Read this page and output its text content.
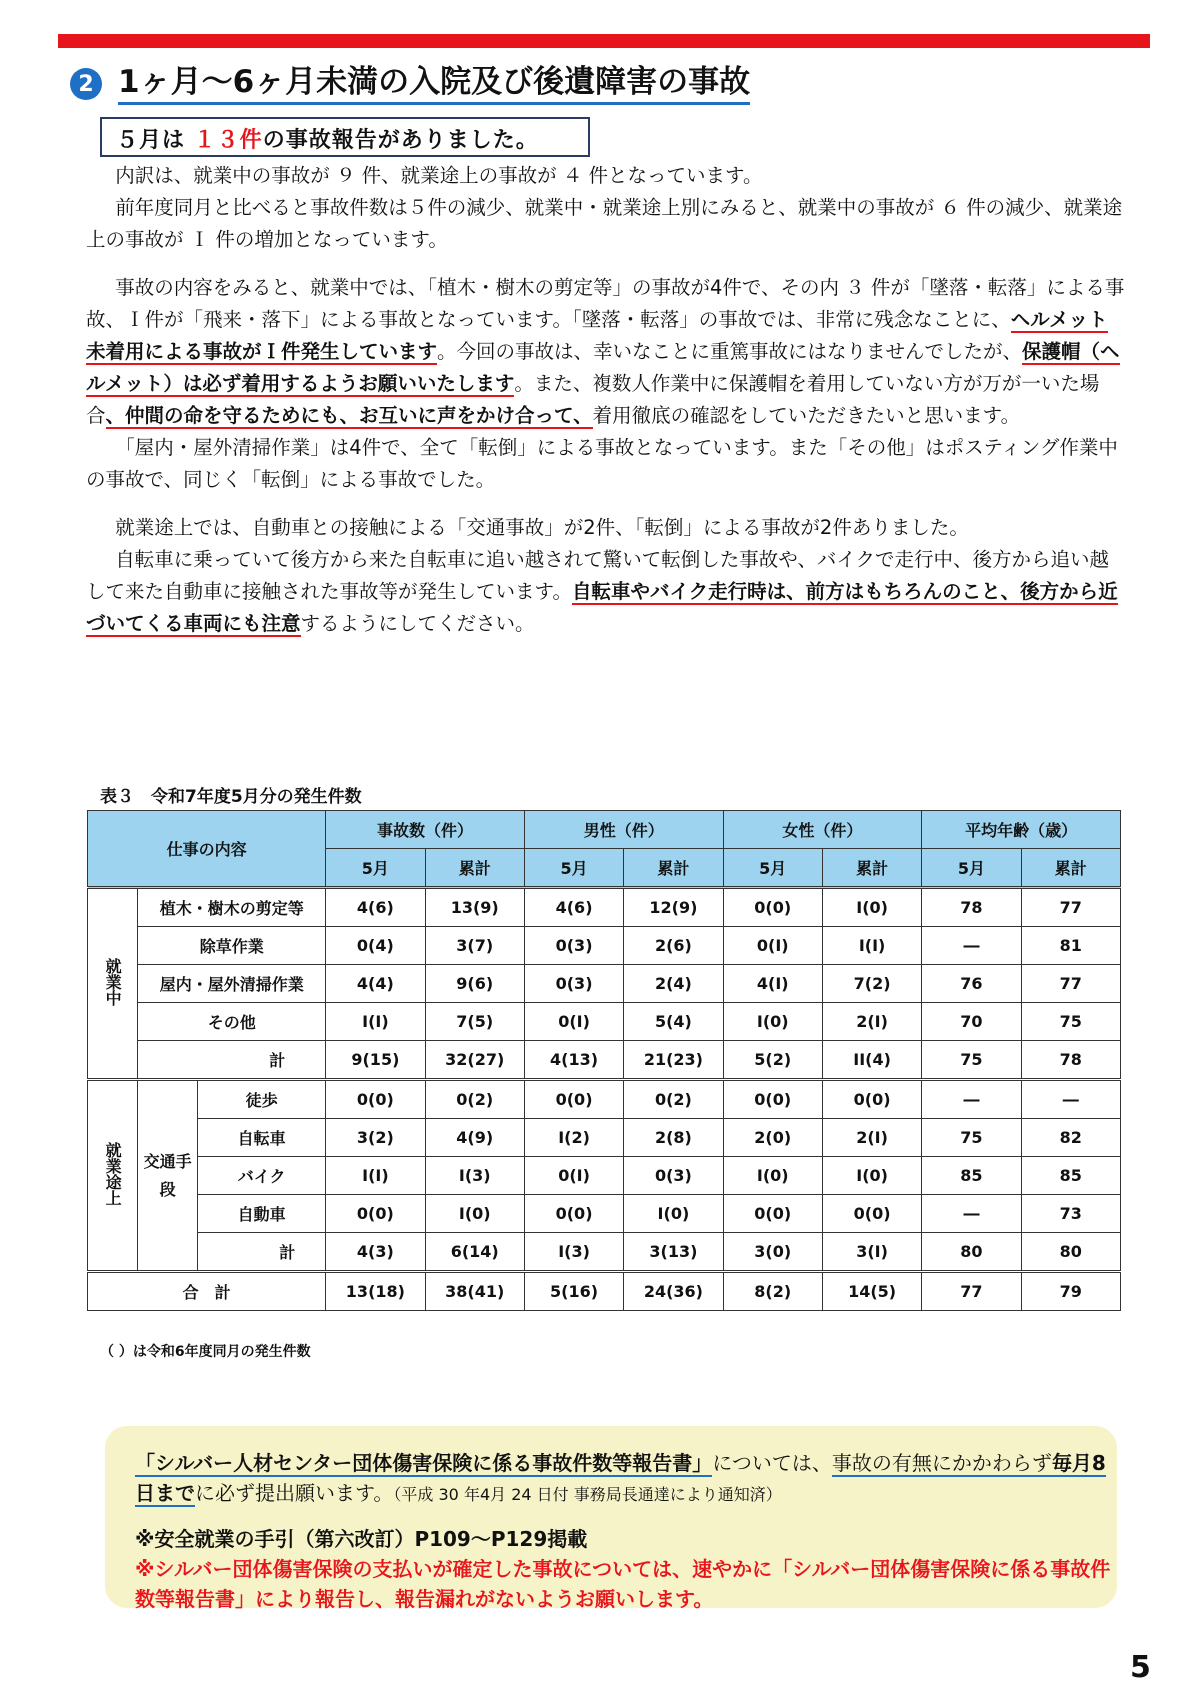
2 1ヶ月～6ヶ月未満の入院及び後遺障害の事故
５月は １３件の事故報告がありました。

内訳は、就業中の事故が ９ 件、就業途上の事故が ４ 件となっています。

前年度同月と比べると事故件数は５件の減少、就業中・就業途上別にみると、就業中の事故が ６ 件の減少、就業途上の事故が Ｉ 件の増加となっています。

事故の内容をみると、就業中では、「植木・樹木の剪定等」の事故が4件で、その内 ３ 件が「墜落・転落」による事故、Ｉ件が「飛来・落下」による事故となっています。「墜落・転落」の事故では、非常に残念なことに、ヘルメット未着用による事故がＩ件発生しています。今回の事故は、幸いなことに重篤事故にはなりませんでしたが、保護帽（ヘルメット）は必ず着用するようお願いいたします。また、複数人作業中に保護帽を着用していない方が万が一いた場合、仲間の命を守るためにも、お互いに声をかけ合って、着用徹底の確認をしていただきたいと思います。

「屋内・屋外清掃作業」は4件で、全て「転倒」による事故となっています。また「その他」はポスティング作業中の事故で、同じく「転倒」による事故でした。

就業途上では、自動車との接触による「交通事故」が2件、「転倒」による事故が2件ありました。

自転車に乗っていて後方から来た自転車に追い越されて驚いて転倒した事故や、バイクで走行中、後方から追い越して来た自動車に接触された事故等が発生しています。自転車やバイク走行時は、前方はもちろんのこと、後方から近づいてくる車両にも注意するようにしてください。

表３　令和7年度5月分の発生件数
仕事の内容			事故数（件）		男性（件）		女性（件）		平均年齢（歳）	
			5月	累計	5月	累計	5月	累計	5月	累計
就業中	植木・樹木の剪定等		4(6)	13(9)	4(6)	12(9)	0(0)	I(0)	78	77
	除草作業		0(4)	3(7)	0(3)	2(6)	0(I)	I(I)	―	81
	屋内・屋外清掃作業		4(4)	9(6)	0(3)	2(4)	4(I)	7(2)	76	77
	その他		I(I)	7(5)	0(I)	5(4)	I(0)	2(I)	70	75
	計		9(15)	32(27)	4(13)	21(23)	5(2)	II(4)	75	78
就業途上	交通手段	徒歩	0(0)	0(2)	0(0)	0(2)	0(0)	0(0)	―	―
		自転車	3(2)	4(9)	I(2)	2(8)	2(0)	2(I)	75	82
		バイク	I(I)	I(3)	0(I)	0(3)	I(0)	I(0)	85	85
		自動車	0(0)	I(0)	0(0)	I(0)	0(0)	0(0)	―	73
		計	4(3)	6(14)	I(3)	3(13)	3(0)	3(I)	80	80
合　計			13(18)	38(41)	5(16)	24(36)	8(2)	14(5)	77	79
（ ）は令和6年度同月の発生件数
「シルバー人材センター団体傷害保険に係る事故件数等報告書」については、事故の有無にかかわらず毎月8日までに必ず提出願います。（平成 30 年4月 24 日付 事務局長通達により通知済）
※安全就業の手引（第六改訂）P109～P129掲載
※シルバー団体傷害保険の支払いが確定した事故については、速やかに「シルバー団体傷害保険に係る事故件数等報告書」により報告し、報告漏れがないようお願いします。
5
